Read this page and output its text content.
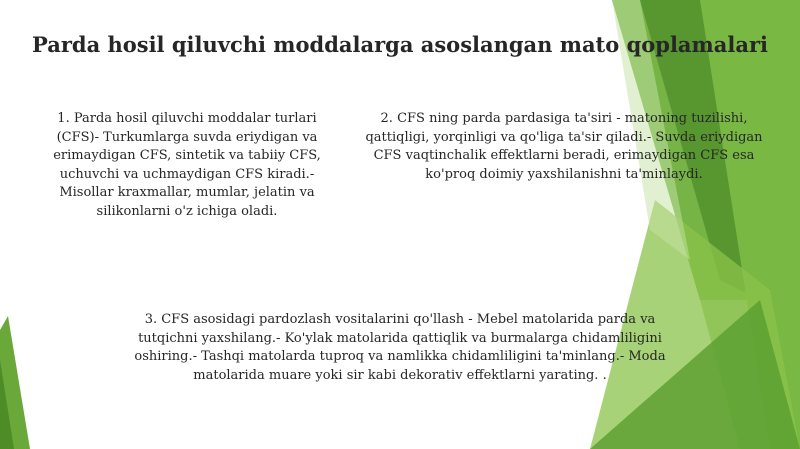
Parda hosil qiluvchi moddalarga asoslangan mato qoplamalari
1. Parda hosil qiluvchi moddalar turlari (CFS)- Turkumlarga suvda eriydigan va erimaydigan CFS, sintetik va tabiiy CFS, uchuvchi va uchmaydigan CFS kiradi.- Misollar kraxmallar, mumlar, jelatin va silikonlarni o'z ichiga oladi.
2. CFS ning parda pardasiga ta'siri - matoning tuzilishi, qattiqligi, yorqinligi va qo'liga ta'sir qiladi.- Suvda eriydigan CFS vaqtinchalik effektlarni beradi, erimaydigan CFS esa ko'proq doimiy yaxshilanishni ta'minlaydi.
3. CFS asosidagi pardozlash vositalarini qo'llash - Mebel matolarida parda va tutqichni yaxshilang.- Ko'ylak matolarida qattiqlik va burmalarga chidamliligini oshiring.- Tashqi matolarda tuproq va namlikka chidamliligini ta'minlang.- Moda matolarida muare yoki sir kabi dekorativ effektlarni yarating. .
